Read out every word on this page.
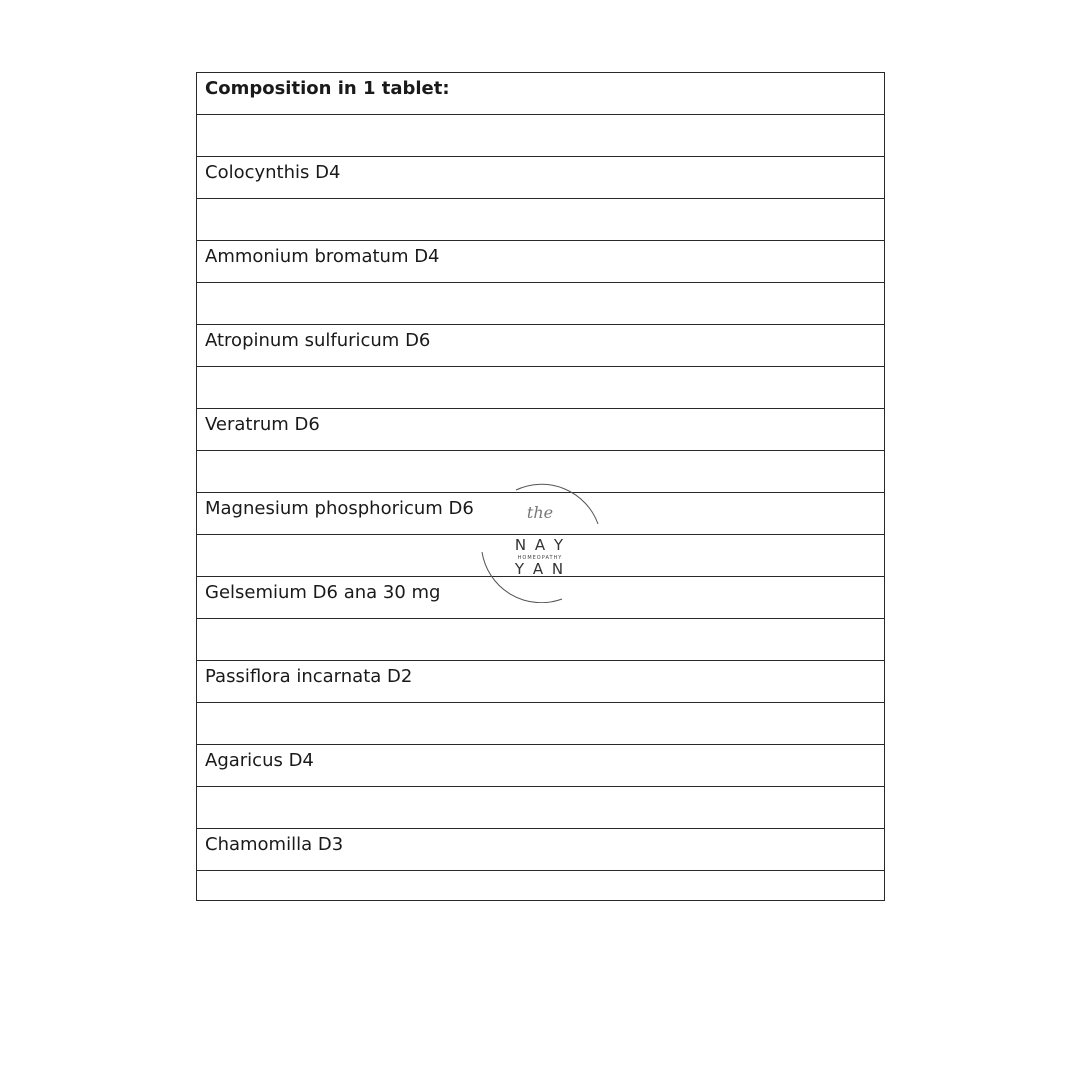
Composition in 1 tablet:

Colocynthis D4

Ammonium bromatum D4

Atropinum sulfuricum D6

Veratrum D6

Magnesium phosphoricum D6

Gelsemium D6 ana 30 mg

Passiflora incarnata D2

Agaricus D4

Chamomilla D3

the
N A Y
HOMEOPATHY
Y A N
